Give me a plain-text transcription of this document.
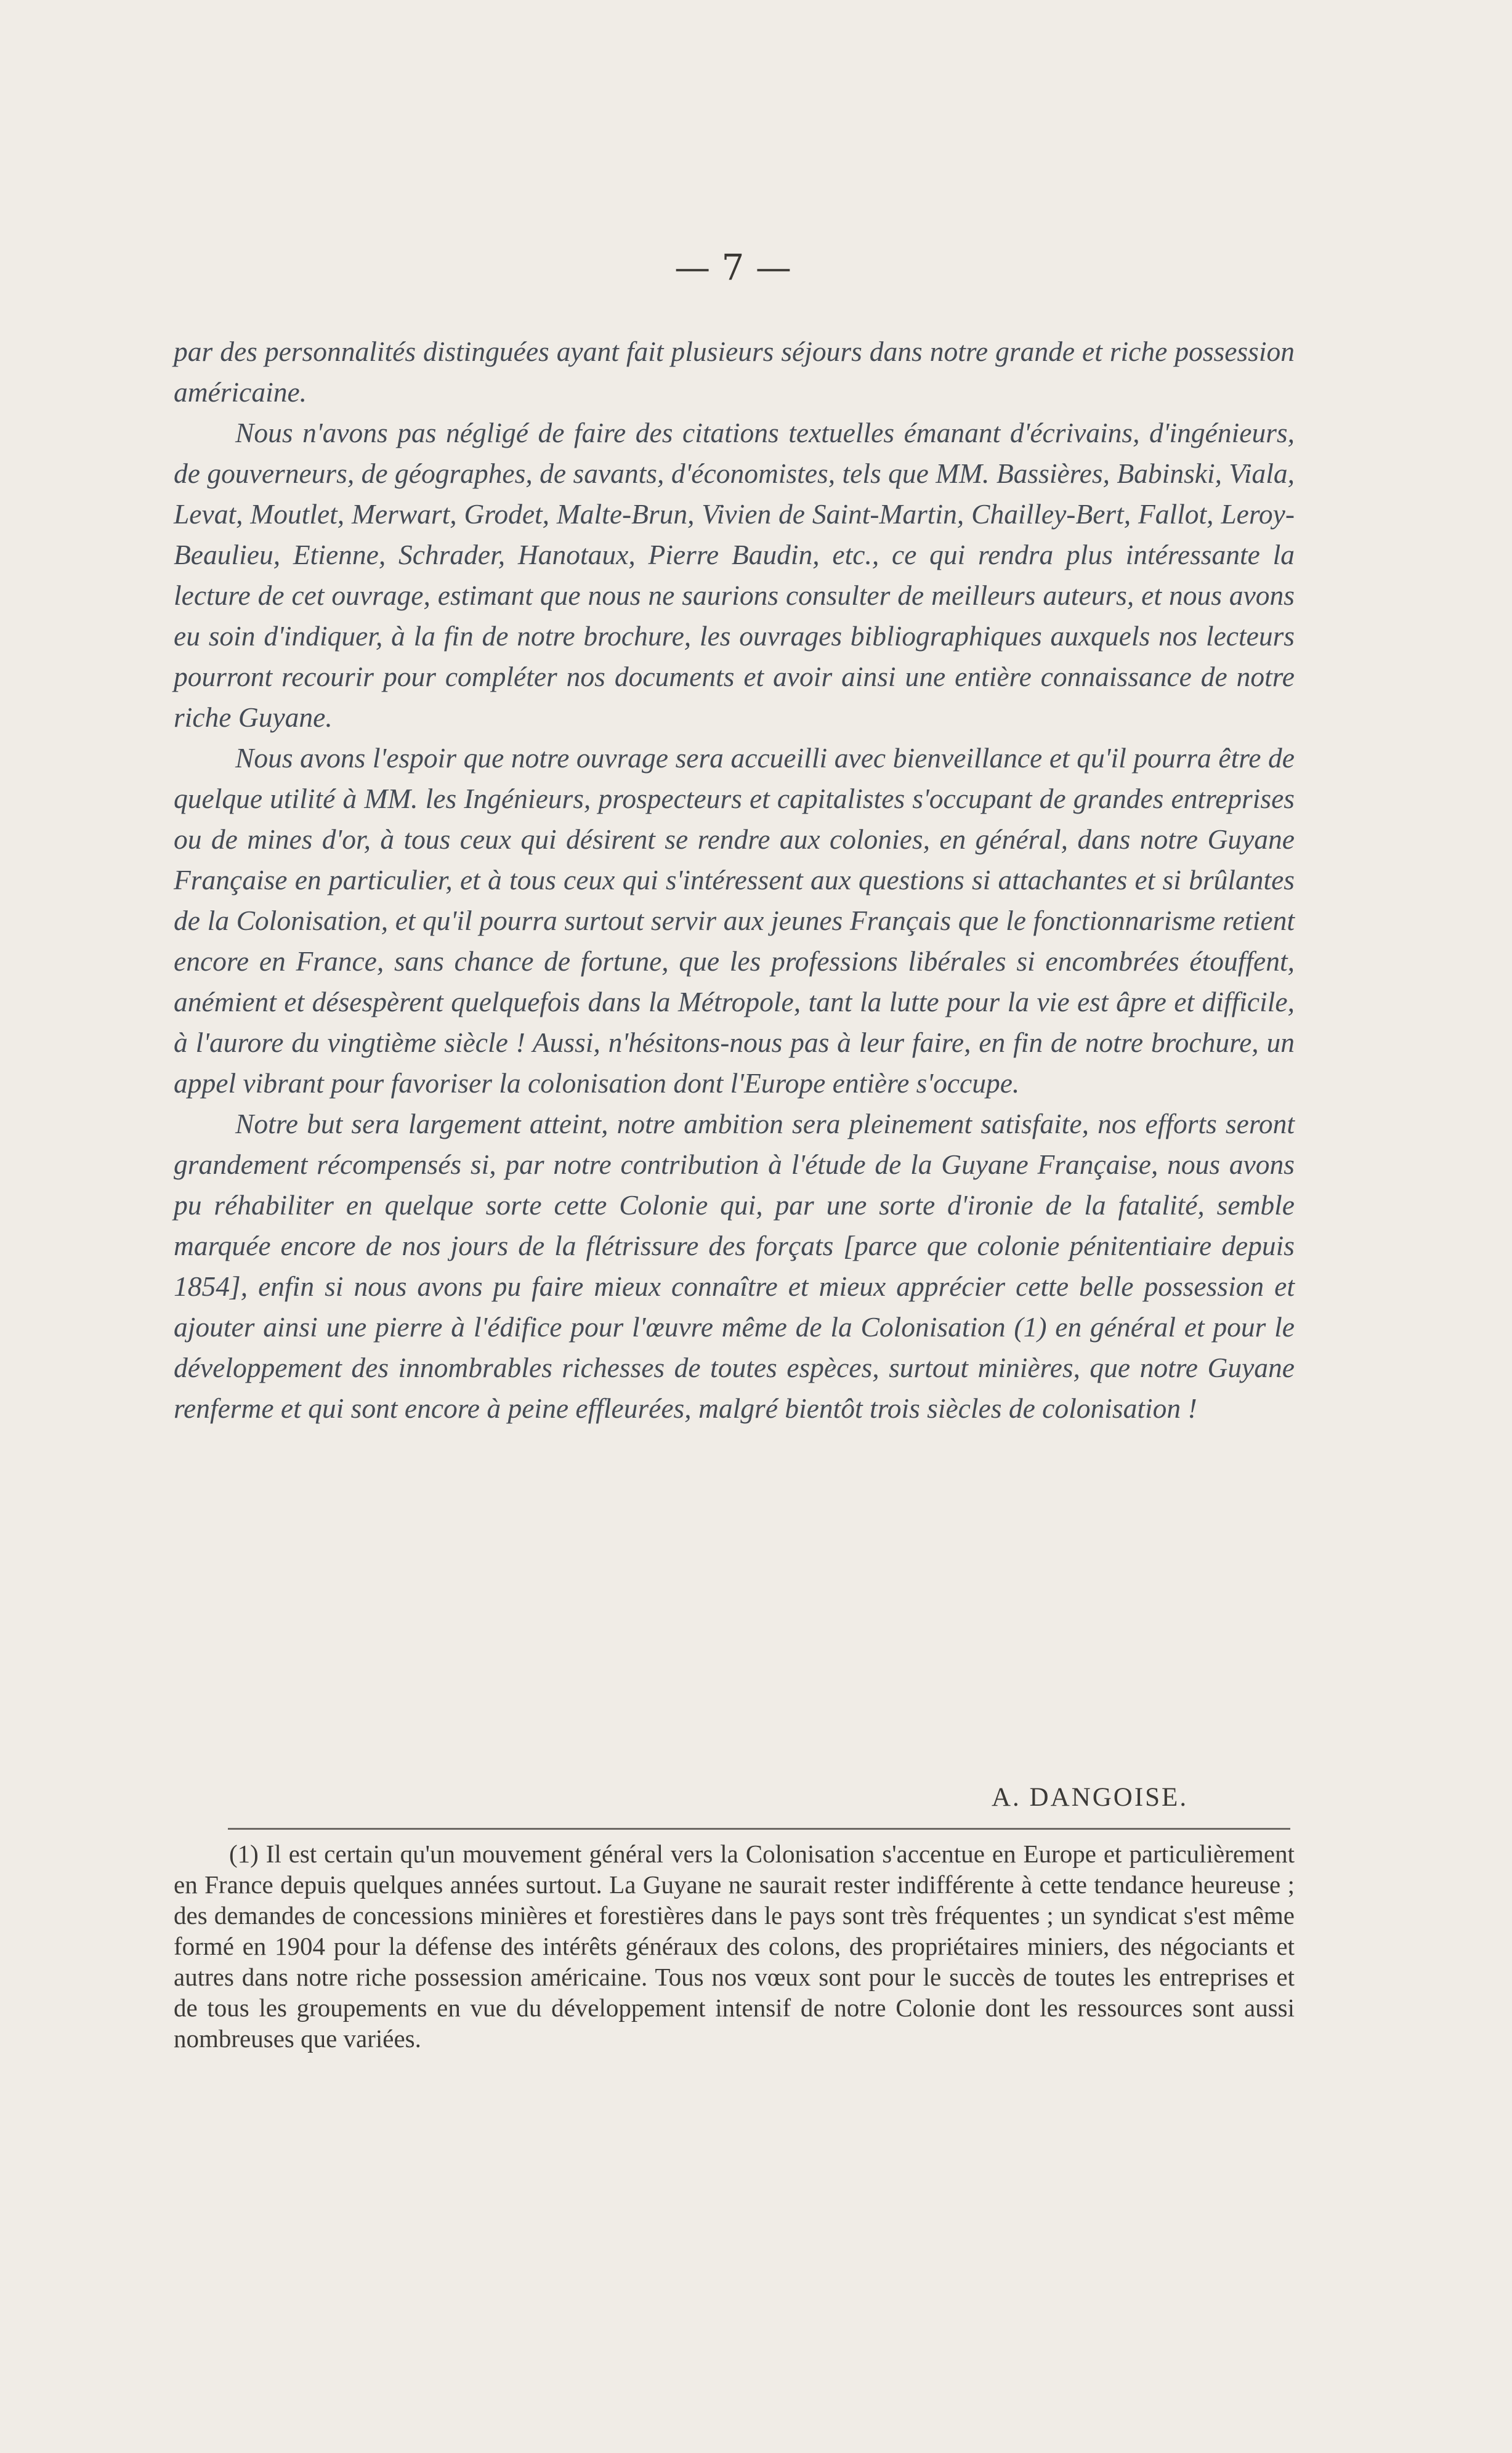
— 7 —

par des personnalités distinguées ayant fait plusieurs séjours dans notre grande et riche possession américaine.

Nous n'avons pas négligé de faire des citations textuelles émanant d'écrivains, d'ingénieurs, de gouverneurs, de géographes, de savants, d'économistes, tels que MM. Bassières, Babinski, Viala, Levat, Moutlet, Merwart, Grodet, Malte-Brun, Vivien de Saint-Martin, Chailley-Bert, Fallot, Leroy-Beaulieu, Etienne, Schrader, Hanotaux, Pierre Baudin, etc., ce qui rendra plus intéressante la lecture de cet ouvrage, estimant que nous ne saurions consulter de meilleurs auteurs, et nous avons eu soin d'indiquer, à la fin de notre brochure, les ouvrages bibliographiques auxquels nos lecteurs pourront recourir pour compléter nos documents et avoir ainsi une entière connaissance de notre riche Guyane.

Nous avons l'espoir que notre ouvrage sera accueilli avec bienveillance et qu'il pourra être de quelque utilité à MM. les Ingénieurs, prospecteurs et capitalistes s'occupant de grandes entreprises ou de mines d'or, à tous ceux qui désirent se rendre aux colonies, en général, dans notre Guyane Française en particulier, et à tous ceux qui s'intéressent aux questions si attachantes et si brûlantes de la Colonisation, et qu'il pourra surtout servir aux jeunes Français que le fonctionnarisme retient encore en France, sans chance de fortune, que les professions libérales si encombrées étouffent, anémient et désespèrent quelquefois dans la Métropole, tant la lutte pour la vie est âpre et difficile, à l'aurore du vingtième siècle ! Aussi, n'hésitons-nous pas à leur faire, en fin de notre brochure, un appel vibrant pour favoriser la colonisation dont l'Europe entière s'occupe.

Notre but sera largement atteint, notre ambition sera pleinement satisfaite, nos efforts seront grandement récompensés si, par notre contribution à l'étude de la Guyane Française, nous avons pu réhabiliter en quelque sorte cette Colonie qui, par une sorte d'ironie de la fatalité, semble marquée encore de nos jours de la flétrissure des forçats [parce que colonie pénitentiaire depuis 1854], enfin si nous avons pu faire mieux connaître et mieux apprécier cette belle possession et ajouter ainsi une pierre à l'édifice pour l'œuvre même de la Colonisation (1) en général et pour le développement des innombrables richesses de toutes espèces, surtout minières, que notre Guyane renferme et qui sont encore à peine effleurées, malgré bientôt trois siècles de colonisation !

A. DANGOISE.

(1) Il est certain qu'un mouvement général vers la Colonisation s'accentue en Europe et particulièrement en France depuis quelques années surtout. La Guyane ne saurait rester indifférente à cette tendance heureuse ; des demandes de concessions minières et forestières dans le pays sont très fréquentes ; un syndicat s'est même formé en 1904 pour la défense des intérêts généraux des colons, des propriétaires miniers, des négociants et autres dans notre riche possession américaine. Tous nos vœux sont pour le succès de toutes les entreprises et de tous les groupements en vue du développement intensif de notre Colonie dont les ressources sont aussi nombreuses que variées.
